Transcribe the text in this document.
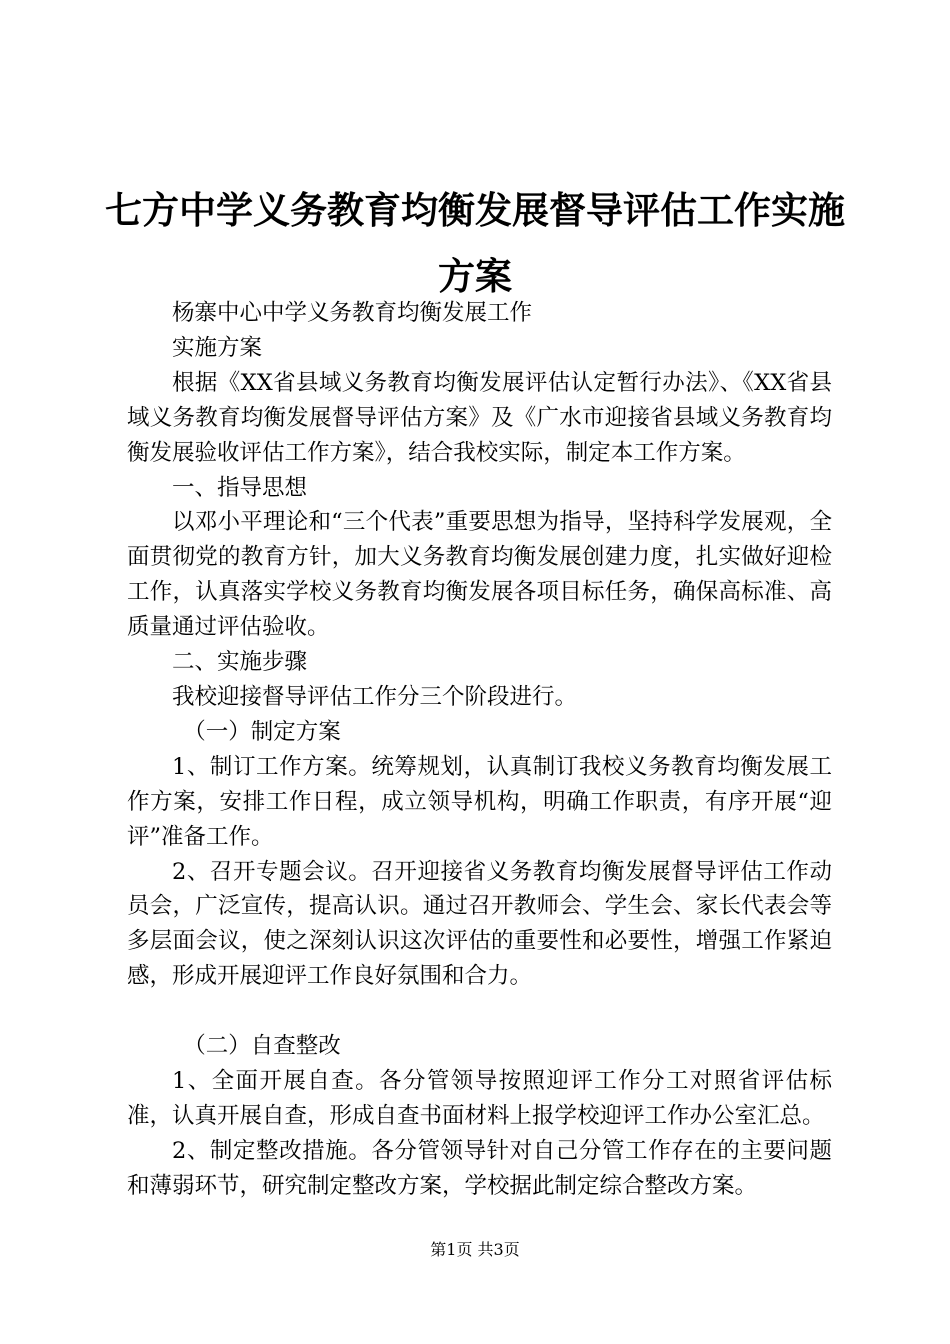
七方中学义务教育均衡发展督导评估工作实施方案

杨寨中心中学义务教育均衡发展工作

实施方案

根据《XX省县域义务教育均衡发展评估认定暂行办法》、《XX省县域义务教育均衡发展督导评估方案》及《广水市迎接省县域义务教育均衡发展验收评估工作方案》，结合我校实际，制定本工作方案。

一、指导思想

以邓小平理论和“三个代表”重要思想为指导，坚持科学发展观，全面贯彻党的教育方针，加大义务教育均衡发展创建力度，扎实做好迎检工作，认真落实学校义务教育均衡发展各项目标任务，确保高标准、高质量通过评估验收。

二、实施步骤

我校迎接督导评估工作分三个阶段进行。

（一）制定方案

1、制订工作方案。统筹规划，认真制订我校义务教育均衡发展工作方案，安排工作日程，成立领导机构，明确工作职责，有序开展“迎评”准备工作。

2、召开专题会议。召开迎接省义务教育均衡发展督导评估工作动员会，广泛宣传，提高认识。通过召开教师会、学生会、家长代表会等多层面会议，使之深刻认识这次评估的重要性和必要性，增强工作紧迫感，形成开展迎评工作良好氛围和合力。

（二）自查整改

1、全面开展自查。各分管领导按照迎评工作分工对照省评估标准，认真开展自查，形成自查书面材料上报学校迎评工作办公室汇总。

2、制定整改措施。各分管领导针对自己分管工作存在的主要问题和薄弱环节，研究制定整改方案，学校据此制定综合整改方案。

第1页 共3页
